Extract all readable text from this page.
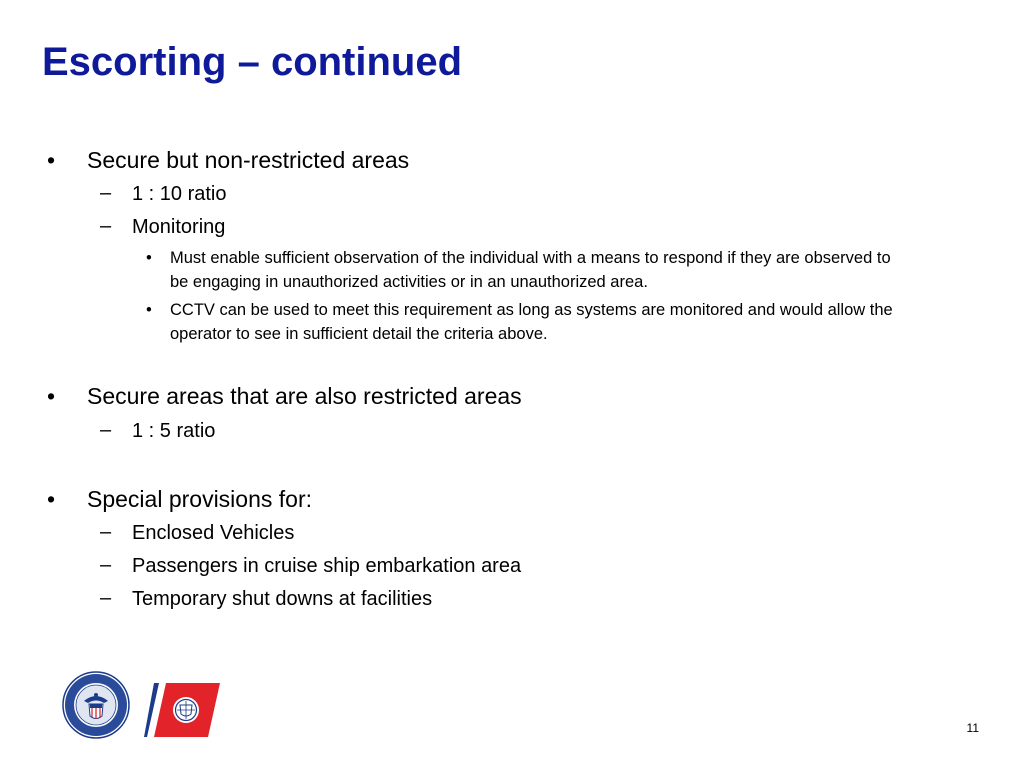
Escorting – continued
• Secure but non-restricted areas
– 1 : 10 ratio
– Monitoring
• Must enable sufficient observation of the individual with a means to respond if they are observed to be engaging in unauthorized activities or in an unauthorized area.
• CCTV can be used to meet this requirement as long as systems are monitored and would allow the operator to see in sufficient detail the criteria above.
• Secure areas that are also restricted areas
– 1 : 5 ratio
• Special provisions for:
– Enclosed Vehicles
– Passengers in cruise ship embarkation area
– Temporary shut downs at facilities
11
